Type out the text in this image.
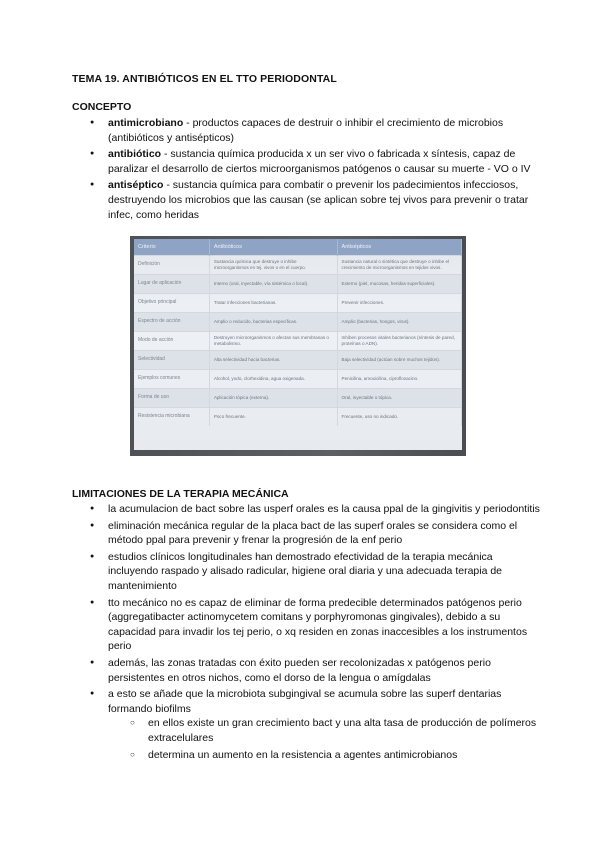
TEMA 19. ANTIBIÓTICOS EN EL TTO PERIODONTAL
CONCEPTO
● antimicrobiano - productos capaces de destruir o inhibir el crecimiento de microbios (antibióticos y antisépticos)
● antibiótico - sustancia química producida x un ser vivo o fabricada x síntesis, capaz de paralizar el desarrollo de ciertos microorganismos patógenos o causar su muerte - VO o IV
● antiséptico - sustancia química para combatir o prevenir los padecimientos infecciosos, destruyendo los microbios que las causan (se aplican sobre tej vivos para prevenir o tratar infec, como heridas
Criterio	Antibióticos	Antisépticos
Definición	Sustancia química que destruye o inhibe microorganismos en tej. vivos o en el cuerpo.	Sustancia natural o sintética que destruye o inhibe el crecimiento de microorganismos en tejidos vivos.
Lugar de aplicación	Interno (oral, inyectable, vía sistémica o local).	Externo (piel, mucosas, heridas superficiales).
Objetivo principal	Tratar infecciones bacterianas.	Prevenir infecciones.
Espectro de acción	Amplio o reducido, bacterias específicas.	Amplio (bacterias, hongos, virus).
Modo de acción	Destruyen microorganismos o afectan sus membranas o metabolismo.	Inhiben procesos vitales bacterianos (síntesis de pared, proteínas o ADN).
Selectividad	Alta selectividad hacia bacterias.	Baja selectividad (actúan sobre muchos tejidos).
Ejemplos comunes	Alcohol, yodo, clorhexidina, agua oxigenada.	Penicilina, amoxicilina, ciprofloxacino.
Forma de uso	Aplicación tópica (externa).	Oral, inyectable o tópica.
Resistencia microbiana	Poco frecuente.	Frecuente, uso no indicado.
LIMITACIONES DE LA TERAPIA MECÁNICA
● la acumulacion de bact sobre las usperf orales es la causa ppal de la gingivitis y periodontitis
● eliminación mecánica regular de la placa bact de las superf orales se considera como el método ppal para prevenir y frenar la progresión de la enf perio
● estudios clínicos longitudinales han demostrado efectividad de la terapia mecánica incluyendo raspado y alisado radicular, higiene oral diaria y una adecuada terapia de mantenimiento
● tto mecánico no es capaz de eliminar de forma predecible determinados patógenos perio (aggregatibacter actinomycetem comitans y porphyromonas gingivales), debido a su capacidad para invadir los tej perio, o xq residen en zonas inaccesibles a los instrumentos perio
● además, las zonas tratadas con éxito pueden ser recolonizadas x patógenos perio persistentes en otros nichos, como el dorso de la lengua o amígdalas
● a esto se añade que la microbiota subgingival se acumula sobre las superf dentarias formando biofilms
○ en ellos existe un gran crecimiento bact y una alta tasa de producción de polímeros extracelulares
○ determina un aumento en la resistencia a agentes antimicrobianos
